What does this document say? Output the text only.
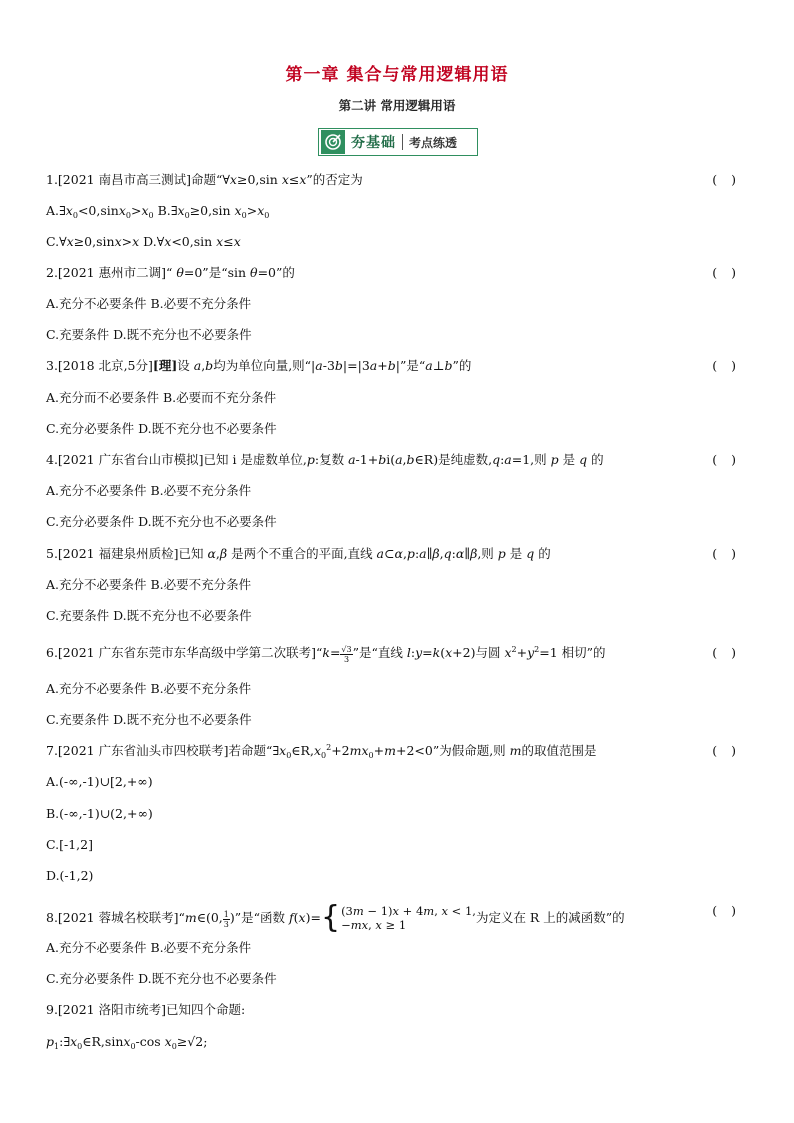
第一章 集合与常用逻辑用语
第二讲 常用逻辑用语
夯基础 考点练透
1.[2021 南昌市高三测试]命题“∀x≥0,sin x≤x”的否定为	()
$A.\exists x_0<0,\sin x_0>x_0$ $B.\exists x_0\ge 0,\sin$ $x_0>x_0$
C.∀x≥0,sinx>x D.∀x<0,sin x≤x
2.[2021 惠州市二调]“ θ=0”是“sin θ=0”的	()
A.充分不必要条件 B.必要不充分条件
C.充要条件 D.既不充分也不必要条件
3.[2018 北京,5分][理]设 a,b均为单位向量,则“|a-3b|=|3a+b|”是“a⊥b”的	()
A.充分而不必要条件 B.必要而不充分条件
C.充分必要条件 D.既不充分也不必要条件
4.[2021 广东省台山市模拟]已知 i 是虚数单位,p:复数 a-1+bi(a,b∈R)是纯虚数,q:a=1,则 p 是 q 的	()
A.充分不必要条件 B.必要不充分条件
C.充分必要条件 D.既不充分也不必要条件
5.[2021 福建泉州质检]已知 α,β 是两个不重合的平面,直线 a⊂α,p:a∥β,q:α∥β,则 p 是 q 的	()
A.充分不必要条件 B.必要不充分条件
C.充要条件 D.既不充分也不必要条件
6.[2021 广东省东莞市东华高级中学第二次联考]“k= $\frac{√3}{3}$ ”是“直线 l:y=k(x+2)与圆 $x^2+y^2=1$ 相切”的	()
A.充分不必要条件 B.必要不充分条件
C.充要条件 D.既不充分也不必要条件
7.[2021 广东省汕头市四校联考]若命题“$\exists x_0\in R,x_0^2+2mx_0+m+2<0$”为假命题,则 m的取值范围是	()
A.(-∞,-1)∪[2,+∞)
B.(-∞,-1)∪(2,+∞)
C.[-1,2]
D.(-1,2)
8.[2021 蓉城名校联考]“m∈(0, $\frac{1}{3}$ )”是“函数 f(x)= { (3m − 1)x + 4m, x < 1,
−mx, x ≥ 1
为定义在 R 上的减函数”的	()
A.充分不必要条件 B.必要不充分条件
C.充分必要条件 D.既不充分也不必要条件
9.[2021 洛阳市统考]已知四个命题:
$p_1:\exists x_0\in R,\sin x_0-\cos$ $x_0\ge√2$;
